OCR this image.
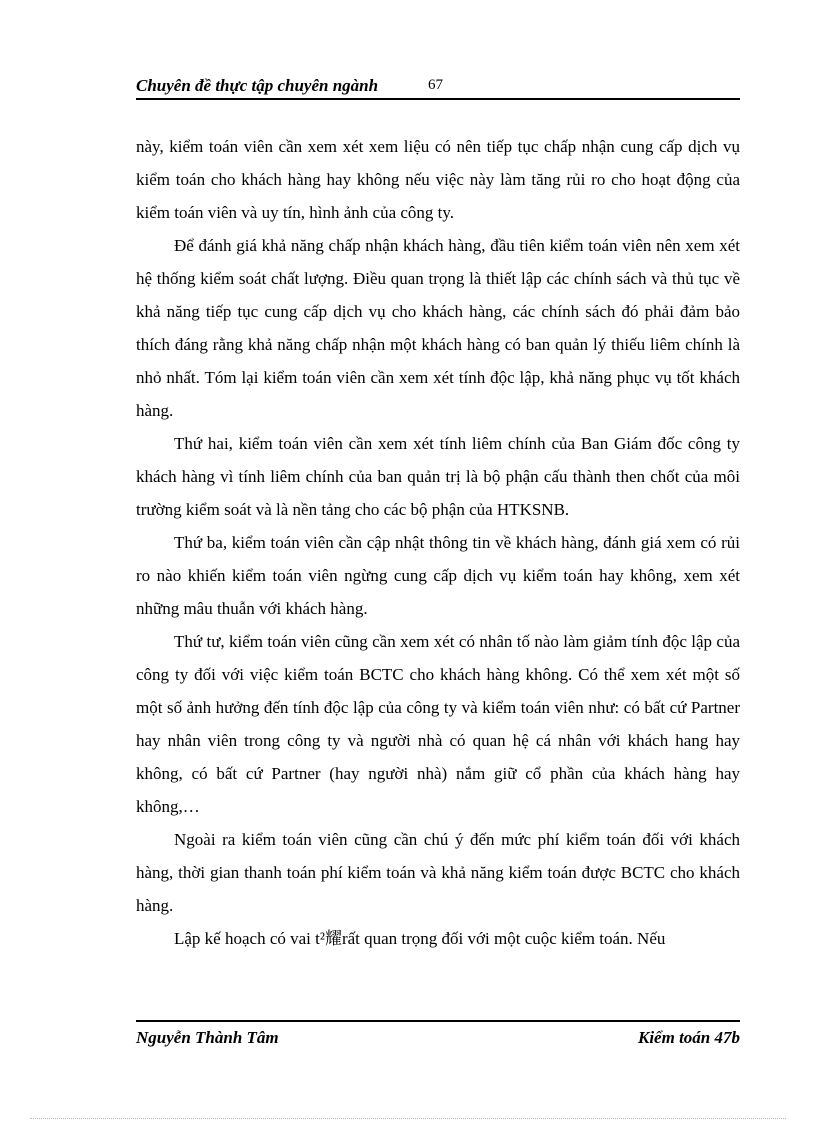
Chuyên đề thực tập chuyên ngành	67

này, kiểm toán viên cần xem xét xem liệu có nên tiếp tục chấp nhận cung cấp dịch vụ kiểm toán cho khách hàng hay không nếu việc này làm tăng rủi ro cho hoạt động của kiểm toán viên và uy tín, hình ảnh của công ty.

Để đánh giá khả năng chấp nhận khách hàng, đầu tiên kiểm toán viên nên xem xét hệ thống kiểm soát chất lượng. Điều quan trọng là thiết lập các chính sách và thủ tục về khả năng tiếp tục cung cấp dịch vụ cho khách hàng, các chính sách đó phải đảm bảo thích đáng rằng khả năng chấp nhận một khách hàng có ban quản lý thiếu liêm chính là nhỏ nhất. Tóm lại kiểm toán viên cần xem xét tính độc lập, khả năng phục vụ tốt khách hàng.

Thứ hai, kiểm toán viên cần xem xét tính liêm chính của Ban Giám đốc công ty khách hàng vì tính liêm chính của ban quản trị là bộ phận cấu thành then chốt của môi trường kiểm soát và là nền tảng cho các bộ phận của HTKSNB.

Thứ ba, kiểm toán viên cần cập nhật thông tin về khách hàng, đánh giá xem có rủi ro nào khiến kiểm toán viên ngừng cung cấp dịch vụ kiểm toán hay không, xem xét những mâu thuẫn với khách hàng.

Thứ tư, kiểm toán viên cũng cần xem xét có nhân tố nào làm giảm tính độc lập của công ty đối với việc kiểm toán BCTC cho khách hàng không. Có thể xem xét một số một số ảnh hưởng đến tính độc lập của công ty và kiểm toán viên như: có bất cứ Partner hay nhân viên trong công ty và người nhà có quan hệ cá nhân với khách hang hay không, có bất cứ Partner (hay người nhà) nắm giữ cổ phần của khách hàng hay không,…

Ngoài ra kiểm toán viên cũng cần chú ý đến mức phí kiểm toán đối với khách hàng, thời gian thanh toán phí kiểm toán và khả năng kiểm toán được BCTC cho khách hàng.

Lập kế hoạch có vai t²耀rất quan trọng đối với một cuộc kiểm toán. Nếu

Nguyễn Thành Tâm	Kiểm toán 47b
